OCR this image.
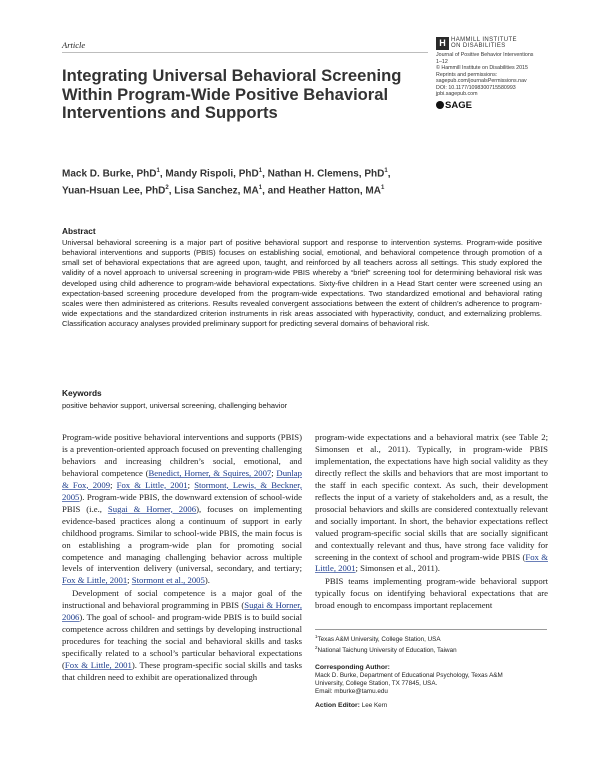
Article
Integrating Universal Behavioral Screening
Within Program-Wide Positive Behavioral
Interventions and Supports
H HAMMILL INSTITUTE
ON DISABILITIES
Journal of Positive Behavior Interventions
1–12
© Hammill Institute on Disabilities 2015
Reprints and permissions:
sagepub.com/journalsPermissions.nav
DOI: 10.1177/1098300715580993
jpbi.sagepub.com
SAGE
Mack D. Burke, PhD$^1$, Mandy Rispoli, PhD$^1$, Nathan H. Clemens, PhD$^1$,
Yuan-Hsuan Lee, PhD$^2$, Lisa Sanchez, $MA^1$, and Heather Hatton, $MA^1$
Abstract

Universal behavioral screening is a major part of positive behavioral support and response to intervention systems. Program-wide positive behavioral interventions and supports (PBIS) focuses on establishing social, emotional, and behavioral competence through promotion of a small set of behavioral expectations that are agreed upon, taught, and reinforced by all teachers across all settings. This study explored the validity of a novel approach to universal screening in program-wide PBIS whereby a “brief” screening tool for determining behavioral risk was developed using child adherence to program-wide behavioral expectations. Sixty-five children in a Head Start center were screened using an expectation-based screening procedure developed from the program-wide expectations. Two standardized emotional and behavioral rating scales were then administered as criterions. Results revealed convergent associations between the extent of children’s adherence to program-wide expectations and the standardized criterion instruments in risk areas associated with hyperactivity, conduct, and externalizing problems. Classification accuracy analyses provided preliminary support for predicting several domains of behavioral risk.

Keywords
positive behavior support, universal screening, challenging behavior

Program-wide positive behavioral interventions and supports (PBIS) is a prevention-oriented approach focused on preventing challenging behaviors and increasing children’s social, emotional, and behavioral competence (Benedict, Horner, & Squires, 2007; Dunlap & Fox, 2009; Fox & Little, 2001; Stormont, Lewis, & Beckner, 2005). Program-wide PBIS, the downward extension of school-wide PBIS (i.e., Sugai & Horner, 2006), focuses on implementing evidence-based practices along a continuum of support in early childhood programs. Similar to school-wide PBIS, the main focus is on establishing a program-wide plan for promoting social competence and managing challenging behavior across multiple levels of intervention delivery (universal, secondary, and tertiary; Fox & Little, 2001; Stormont et al., 2005).

Development of social competence is a major goal of the instructional and behavioral programming in PBIS (Sugai & Horner, 2006). The goal of school- and program-wide PBIS is to build social competence across children and settings by developing instructional procedures for teaching the social and behavioral skills and tasks specifically related to a school’s particular behavioral expectations (Fox & Little, 2001). These program-specific social skills and tasks that children need to exhibit are operationalized through

program-wide expectations and a behavioral matrix (see Table 2; Simonsen et al., 2011). Typically, in program-wide PBIS implementation, the expectations have high social validity as they directly reflect the skills and behaviors that are most important to the staff in each specific context. As such, their development reflects the input of a variety of stakeholders and, as a result, the prosocial behaviors and skills are considered contextually relevant and socially important. In short, the behavior expectations reflect valued program-specific social skills that are socially significant and contextually relevant and thus, have strong face validity for screening in the context of school and program-wide PBIS (Fox & Little, 2001; Simonsen et al., 2011).

PBIS teams implementing program-wide behavioral support typically focus on identifying behavioral expectations that are broad enough to encompass important replacement

$^1$Texas A&M University, College Station, USA
$^2$National Taichung University of Education, Taiwan
Corresponding Author:
Mack D. Burke, Department of Educational Psychology, Texas A&M
University, College Station, TX 77845, USA.
Email: mburke@tamu.edu
Action Editor: Lee Kern
